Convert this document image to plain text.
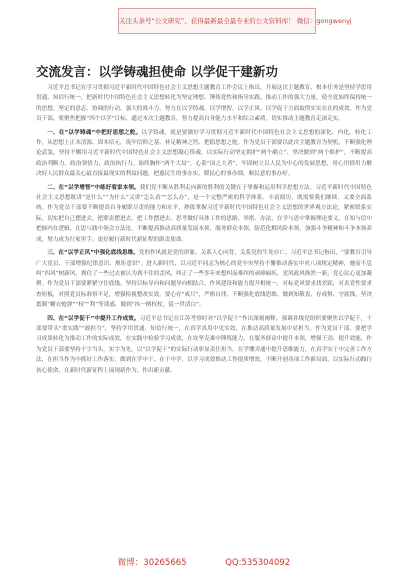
关注头条号“公文研究”，获得最新最全最专业的公文资料库！ 微信：gongwenyj
交流发言：以学铸魂担使命 以学促干建新功

习近平总书记在学习贯彻习近平新时代中国特色社会主义思想主题教育工作会议上指出，开展这次主题教育，根本任务是坚持学思用贯通、知信行统一，把新时代中国特色社会主义思想转化为坚定理想、锤炼党性和指导实践、推动工作的强大力量，使全党始终保持统一的思想、坚定的意志、协调的行动、强大的战斗力。努力在以学铸魂、以学增智、以学正风、以学促干方面取得实实在在的成效。作为党员干部，要聚焦把握“四个以学”目标，通过本次主题教育，努力提高自身能力水平和综合素质，切实推动主题教育走深走实。

一、在“以学铸魂”中把好思想之舵。以学铸魂，就是要做好学习贯彻习近平新时代中国特色社会主义思想的深化、内化、转化工作，从思想上正本清源、固本培元，筑牢信仰之基、补足精神之钙、把稳思想之舵。作为党员干部要以此次主题教育为契机，不断强化理论武装，坚持不懈用习近平新时代中国特色社会主义思想凝心铸魂，以实际行动坚定拥护“两个确立”、坚决做到“两个维护”，不断提高政治判断力、政治领悟力、政治执行力。始终胸怀“两个大局”，心系“国之大者”，牢固树立以人民为中心的发展思想，用心用情用力解决好人民群众最关心最直接最现实的利益问题，把惠民生的事办实、暖民心的事办细、顺民意的事办好。

二、在“以学增智”中练好看家本领。我们党不断从胜利走向新的胜利的关键在于掌握和运用科学思想方法。习近平新时代中国特色社会主义思想既讲“是什么”“为什么”又讲“怎么看”“怎么办”，是一个完整严密的科学体系。丰富阅历，既需要我们继续、又要全面系统。作为党员干部要不断提高自身履职尽责的能力和水平，熟练掌握习近平新时代中国特色社会主义思想的世界观方法论，紧密联系实际，切实把自己摆进去，把职责摆进去，把工作摆进去，思考做好具体工作的思路、举措、办法，在学与思中掌握理论要义，在知与信中把握内在逻辑，在思与践中领会方法论，不断提高推动高质量发展本领、服务群众本领、防范化解风险本领，加强斗争精神和斗争本领养成，努力成为行家里手，更好履行新时代新征程的职责使命。

三、在“以学正风”中强化底线思维。党的作风就是党的形象，关系人心向背，关系党的生死存亡。习近平总书记指出，“要教育引导广大党员、干部增强纪律意识、规矩意识”。进入新时代，以习近平同志为核心的党中央坚持不懈推动落实中央八项规定精神，驰而不息纠“四风”树新风，刹住了一些过去被认为刹不住的歪风，纠正了一些多年来想纠而难纠的顽瘴痼疾，党风政风焕然一新，党心民心更加凝聚。作为党员干部要紧紧守住底线，坚持目标导向和问题导向相结合、作风建设和能力提升相统一，对标党风要求找差距，对表党性要求查短板，对照党员标准察不足，增强检视整改实效。要心存“戒尺”，严格自律，不断强化底线思维，做到知敬畏、存戒惧、守底线，坚决抵制“糖衣炮弹”“权”“利”等诱惑，做到“执一柄权杖，留一世清白”。

四、在“以学促干”中提升工作成效。习近平总书记在江苏考察时对“以学促干”作出深刻阐释，强调各级党组织要聚焦以学促干，干部要带头“重实践”“敢担当”，坚持学用贯通、知信行统一，在真学真用中见实效，在推动高质量发展中显担当。作为党员干部，要把学习成果转化为推动工作的实际成效，在实践中检验学习成效，在攻坚克难中锤炼能力，在服务群众中提升本领，增强干劲、提升效能。作为党员干部要坚持干字当头、实字为先，以“以学促干”的实际行动彰显责任担当。在学懂弄通中提升思维能力，在真学实干中完善工作方法，在担当作为中抓好工作落实，做到在学中干、在干中学，以学习成效推动工作提质增效，不断开创各项工作新局面，以实际行动践行初心使命，在新时代新征程上展现新作为、作出新贡献。

微博：30265665	QQ:535304092
